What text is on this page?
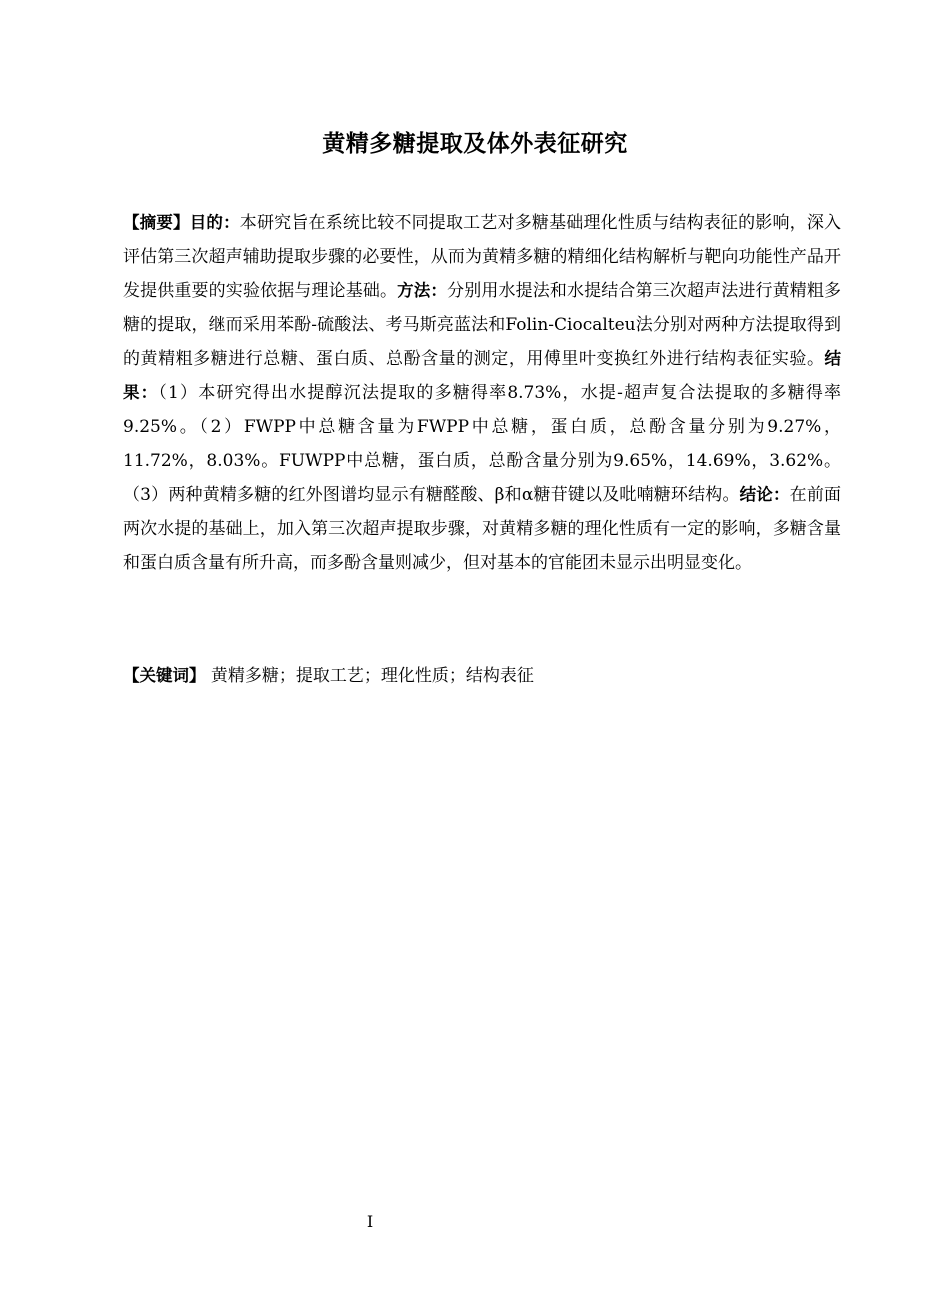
黄精多糖提取及体外表征研究
【摘要】目的：本研究旨在系统比较不同提取工艺对多糖基础理化性质与结构表征的影响，深入评估第三次超声辅助提取步骤的必要性，从而为黄精多糖的精细化结构解析与靶向功能性产品开发提供重要的实验依据与理论基础。方法：分别用水提法和水提结合第三次超声法进行黄精粗多糖的提取，继而采用苯酚-硫酸法、考马斯亮蓝法和Folin-Ciocalteu法分别对两种方法提取得到的黄精粗多糖进行总糖、蛋白质、总酚含量的测定，用傅里叶变换红外进行结构表征实验。结果：（1）本研究得出水提醇沉法提取的多糖得率8.73%，水提-超声复合法提取的多糖得率9.25%。（2）FWPP中总糖含量为FWPP中总糖，蛋白质，总酚含量分别为9.27%，11.72%，8.03%。FUWPP中总糖，蛋白质，总酚含量分别为9.65%，14.69%，3.62%。（3）两种黄精多糖的红外图谱均显示有糖醛酸、β和α糖苷键以及吡喃糖环结构。结论：在前面两次水提的基础上，加入第三次超声提取步骤，对黄精多糖的理化性质有一定的影响，多糖含量和蛋白质含量有所升高，而多酚含量则减少，但对基本的官能团未显示出明显变化。
【关键词】 黄精多糖；提取工艺；理化性质；结构表征
I
